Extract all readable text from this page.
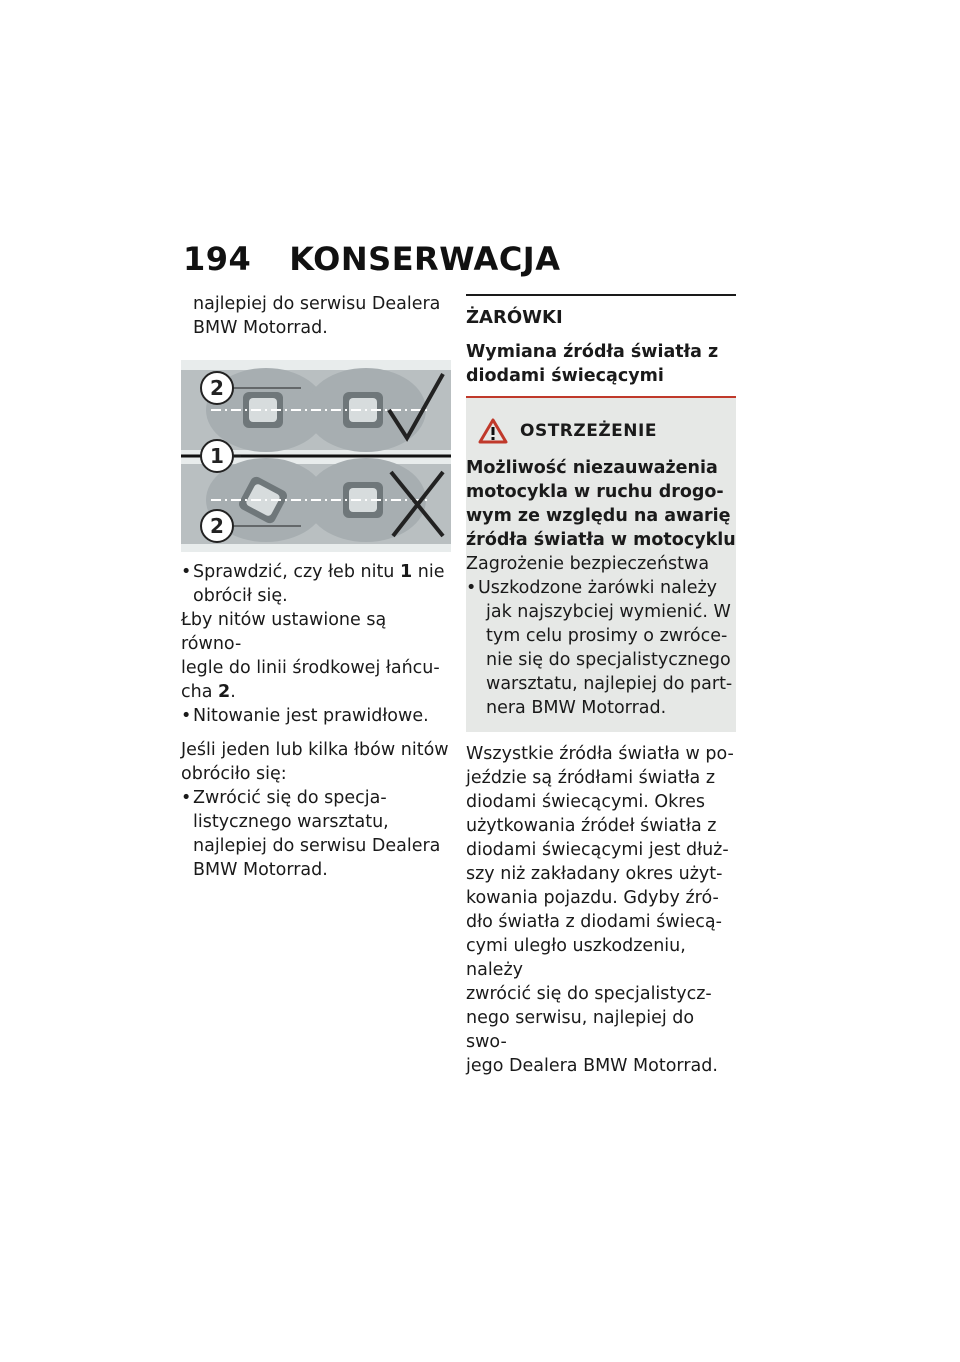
194 KONSERWACJA

najlepiej do serwisu Dealera

BMW Motorrad.

2
1
2
• Sprawdzić, czy łeb nitu 1 nie
obrócił się.

Łby nitów ustawione są równo-

legle do linii środkowej łańcu-

cha 2.

• Nitowanie jest prawidłowe.

Jeśli jeden lub kilka łbów nitów

obróciło się:

• Zwrócić się do specja-
listycznego warsztatu,
najlepiej do serwisu Dealera
BMW Motorrad.
ŻARÓWKI
Wymiana źródła światła z
diodami świecącymi
OSTRZEŻENIE

Możliwość niezauważenia

motocykla w ruchu drogo-

wym ze względu na awarię

źródła światła w motocyklu

Zagrożenie bezpieczeństwa

• Uszkodzone żarówki należy
jak najszybciej wymienić. W
tym celu prosimy o zwróce-
nie się do specjalistycznego
warsztatu, najlepiej do part-
nera BMW Motorrad.

Wszystkie źródła światła w po-

jeździe są źródłami światła z

diodami świecącymi. Okres

użytkowania źródeł światła z

diodami świecącymi jest dłuż-

szy niż zakładany okres użyt-

kowania pojazdu. Gdyby źró-

dło światła z diodami świecą-

cymi uległo uszkodzeniu, należy

zwrócić się do specjalistycz-

nego serwisu, najlepiej do swo-

jego Dealera BMW Motorrad.
